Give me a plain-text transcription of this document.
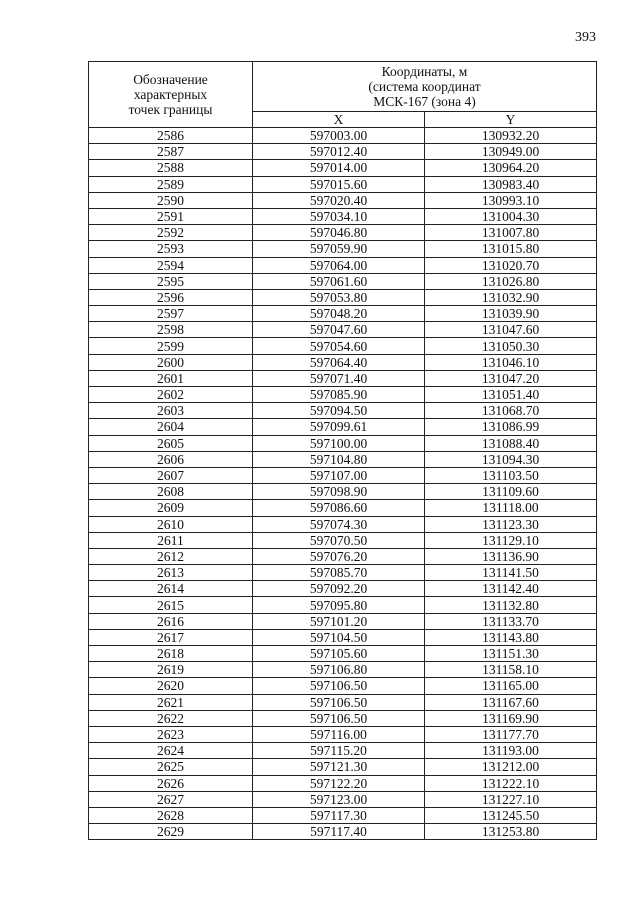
393
Обозначение
характерных
точек границы	Координаты, м
(система координат
МСК-167 (зона 4)	

	X	Y
2586	597003.00	130932.20
2587	597012.40	130949.00
2588	597014.00	130964.20
2589	597015.60	130983.40
2590	597020.40	130993.10
2591	597034.10	131004.30
2592	597046.80	131007.80
2593	597059.90	131015.80
2594	597064.00	131020.70
2595	597061.60	131026.80
2596	597053.80	131032.90
2597	597048.20	131039.90
2598	597047.60	131047.60
2599	597054.60	131050.30
2600	597064.40	131046.10
2601	597071.40	131047.20
2602	597085.90	131051.40
2603	597094.50	131068.70
2604	597099.61	131086.99
2605	597100.00	131088.40
2606	597104.80	131094.30
2607	597107.00	131103.50
2608	597098.90	131109.60
2609	597086.60	131118.00
2610	597074.30	131123.30
2611	597070.50	131129.10
2612	597076.20	131136.90
2613	597085.70	131141.50
2614	597092.20	131142.40
2615	597095.80	131132.80
2616	597101.20	131133.70
2617	597104.50	131143.80
2618	597105.60	131151.30
2619	597106.80	131158.10
2620	597106.50	131165.00
2621	597106.50	131167.60
2622	597106.50	131169.90
2623	597116.00	131177.70
2624	597115.20	131193.00
2625	597121.30	131212.00
2626	597122.20	131222.10
2627	597123.00	131227.10
2628	597117.30	131245.50
2629	597117.40	131253.80
